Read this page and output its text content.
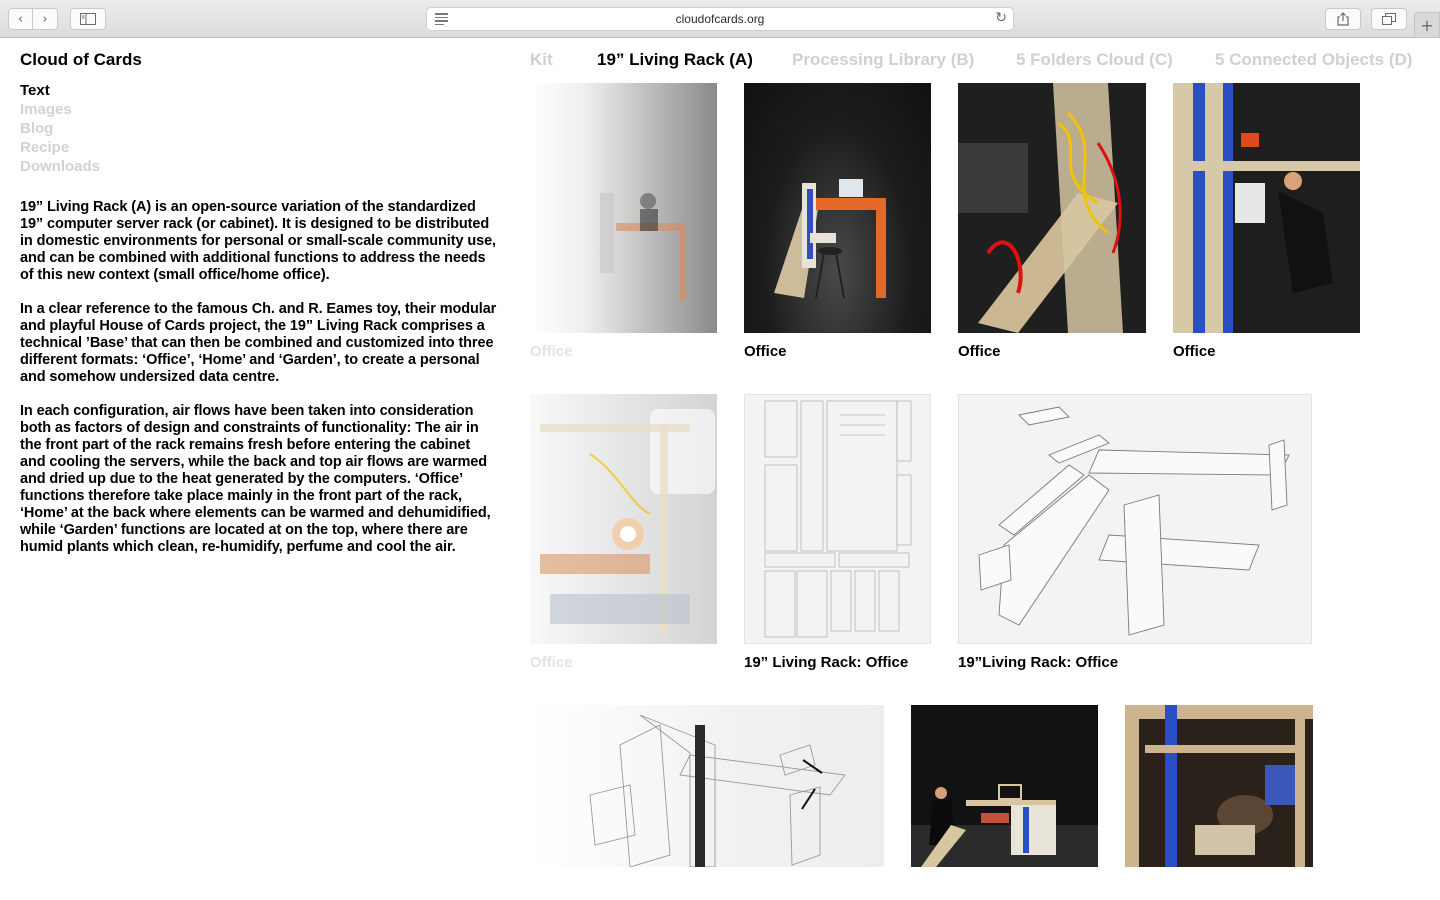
‹ ›	cloudofcards.org	↻	+
Cloud of Cards
Text
Images
Blog
Recipe
Downloads

19” Living Rack (A) is an open-source variation of the standardized 19” computer server rack (or cabinet). It is designed to be distributed in domestic environments for personal or small-scale community use, and can be combined with additional functions to address the needs of this new context (small office/home office).

In a clear reference to the famous Ch. and R. Eames toy, their modular and playful House of Cards project, the 19” Living Rack comprises a technical ’Base’ that can then be combined and customized into three different formats: ‘Office’, ‘Home’ and ‘Garden’, to create a personal and somehow undersized data centre.

In each configuration, air flows have been taken into consideration both as factors of design and constraints of functionality: The air in the front part of the rack remains fresh before entering the cabinet and cooling the servers, while the back and top air flows are warmed and dried up due to the heat generated by the computers. ‘Office’ functions therefore take place mainly in the front part of the rack, ‘Home’ at the back where elements can be warmed and dehumidified, while ‘Garden’ functions are located at on the top, where there are humid plants which clean, re-humidify, perfume and cool the air.

Kit	19” Living Rack (A) Processing Library (B) 5 Folders Cloud (C) 5 Connected Objects (D)
Office	Office	Office	Office
Office	19” Living Rack: Office	19”Living Rack: Office
